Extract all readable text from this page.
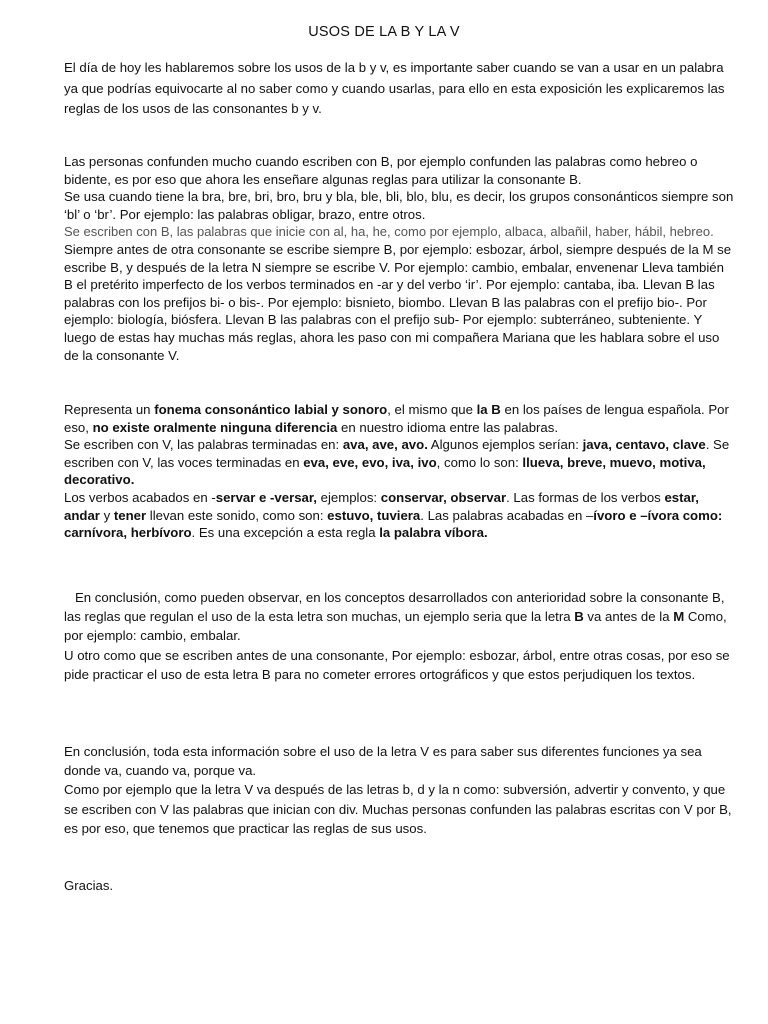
USOS DE LA B Y LA V

El día de hoy les hablaremos sobre los usos de la b y v, es importante saber cuando se van a usar en un palabra ya que podrías equivocarte al no saber como y cuando usarlas, para ello en esta exposición les explicaremos las reglas de los usos de las consonantes b y v.

Las personas confunden mucho cuando escriben con B, por ejemplo confunden las palabras como hebreo o bidente, es por eso que ahora les enseñare algunas reglas para utilizar la consonante B.

Se usa cuando tiene la bra, bre, bri, bro, bru y bla, ble, bli, blo, blu, es decir, los grupos consonánticos siempre son ‘bl’ o ‘br’. Por ejemplo: las palabras obligar, brazo, entre otros.
Se escriben con B, las palabras que inicie con al, ha, he, como por ejemplo, albaca, albañil, haber, hábil, hebreo. Siempre antes de otra consonante se escribe siempre B, por ejemplo: esbozar, árbol, siempre después de la M se escribe B, y después de la letra N siempre se escribe V. Por ejemplo: cambio, embalar, envenenar Lleva también B el pretérito imperfecto de los verbos terminados en -ar y del verbo ‘ir’. Por ejemplo: cantaba, iba. Llevan B las palabras con los prefijos bi- o bis-. Por ejemplo: bisnieto, biombo. Llevan B las palabras con el prefijo bio-. Por ejemplo: biología, biósfera. Llevan B las palabras con el prefijo sub- Por ejemplo: subterráneo, subteniente. Y luego de estas hay muchas más reglas, ahora les paso con mi compañera Mariana que les hablara sobre el uso de la consonante V.

Representa un fonema consonántico labial y sonoro, el mismo que la B en los países de lengua española. Por eso, no existe oralmente ninguna diferencia en nuestro idioma entre las palabras.

Se escriben con V, las palabras terminadas en: ava, ave, avo. Algunos ejemplos serían: java, centavo, clave. Se escriben con V, las voces terminadas en eva, eve, evo, iva, ivo, como lo son: llueva, breve, muevo, motiva, decorativo.

Los verbos acabados en -servar e -versar, ejemplos: conservar, observar. Las formas de los verbos estar, andar y tener llevan este sonido, como son: estuvo, tuviera. Las palabras acabadas en –ívoro e –ívora como: carnívora, herbívoro. Es una excepción a esta regla la palabra víbora.

En conclusión, como pueden observar, en los conceptos desarrollados con anterioridad sobre la consonante B, las reglas que regulan el uso de la esta letra son muchas, un ejemplo seria que la letra B va antes de la M Como, por ejemplo: cambio, embalar.

U otro como que se escriben antes de una consonante, Por ejemplo: esbozar, árbol, entre otras cosas, por eso se pide practicar el uso de esta letra B para no cometer errores ortográficos y que estos perjudiquen los textos.

En conclusión, toda esta información sobre el uso de la letra V es para saber sus diferentes funciones ya sea donde va, cuando va, porque va.

Como por ejemplo que la letra V va después de las letras b, d y la n como: subversión, advertir y convento, y que se escriben con V las palabras que inician con div. Muchas personas confunden las palabras escritas con V por B, es por eso, que tenemos que practicar las reglas de sus usos.

Gracias.
